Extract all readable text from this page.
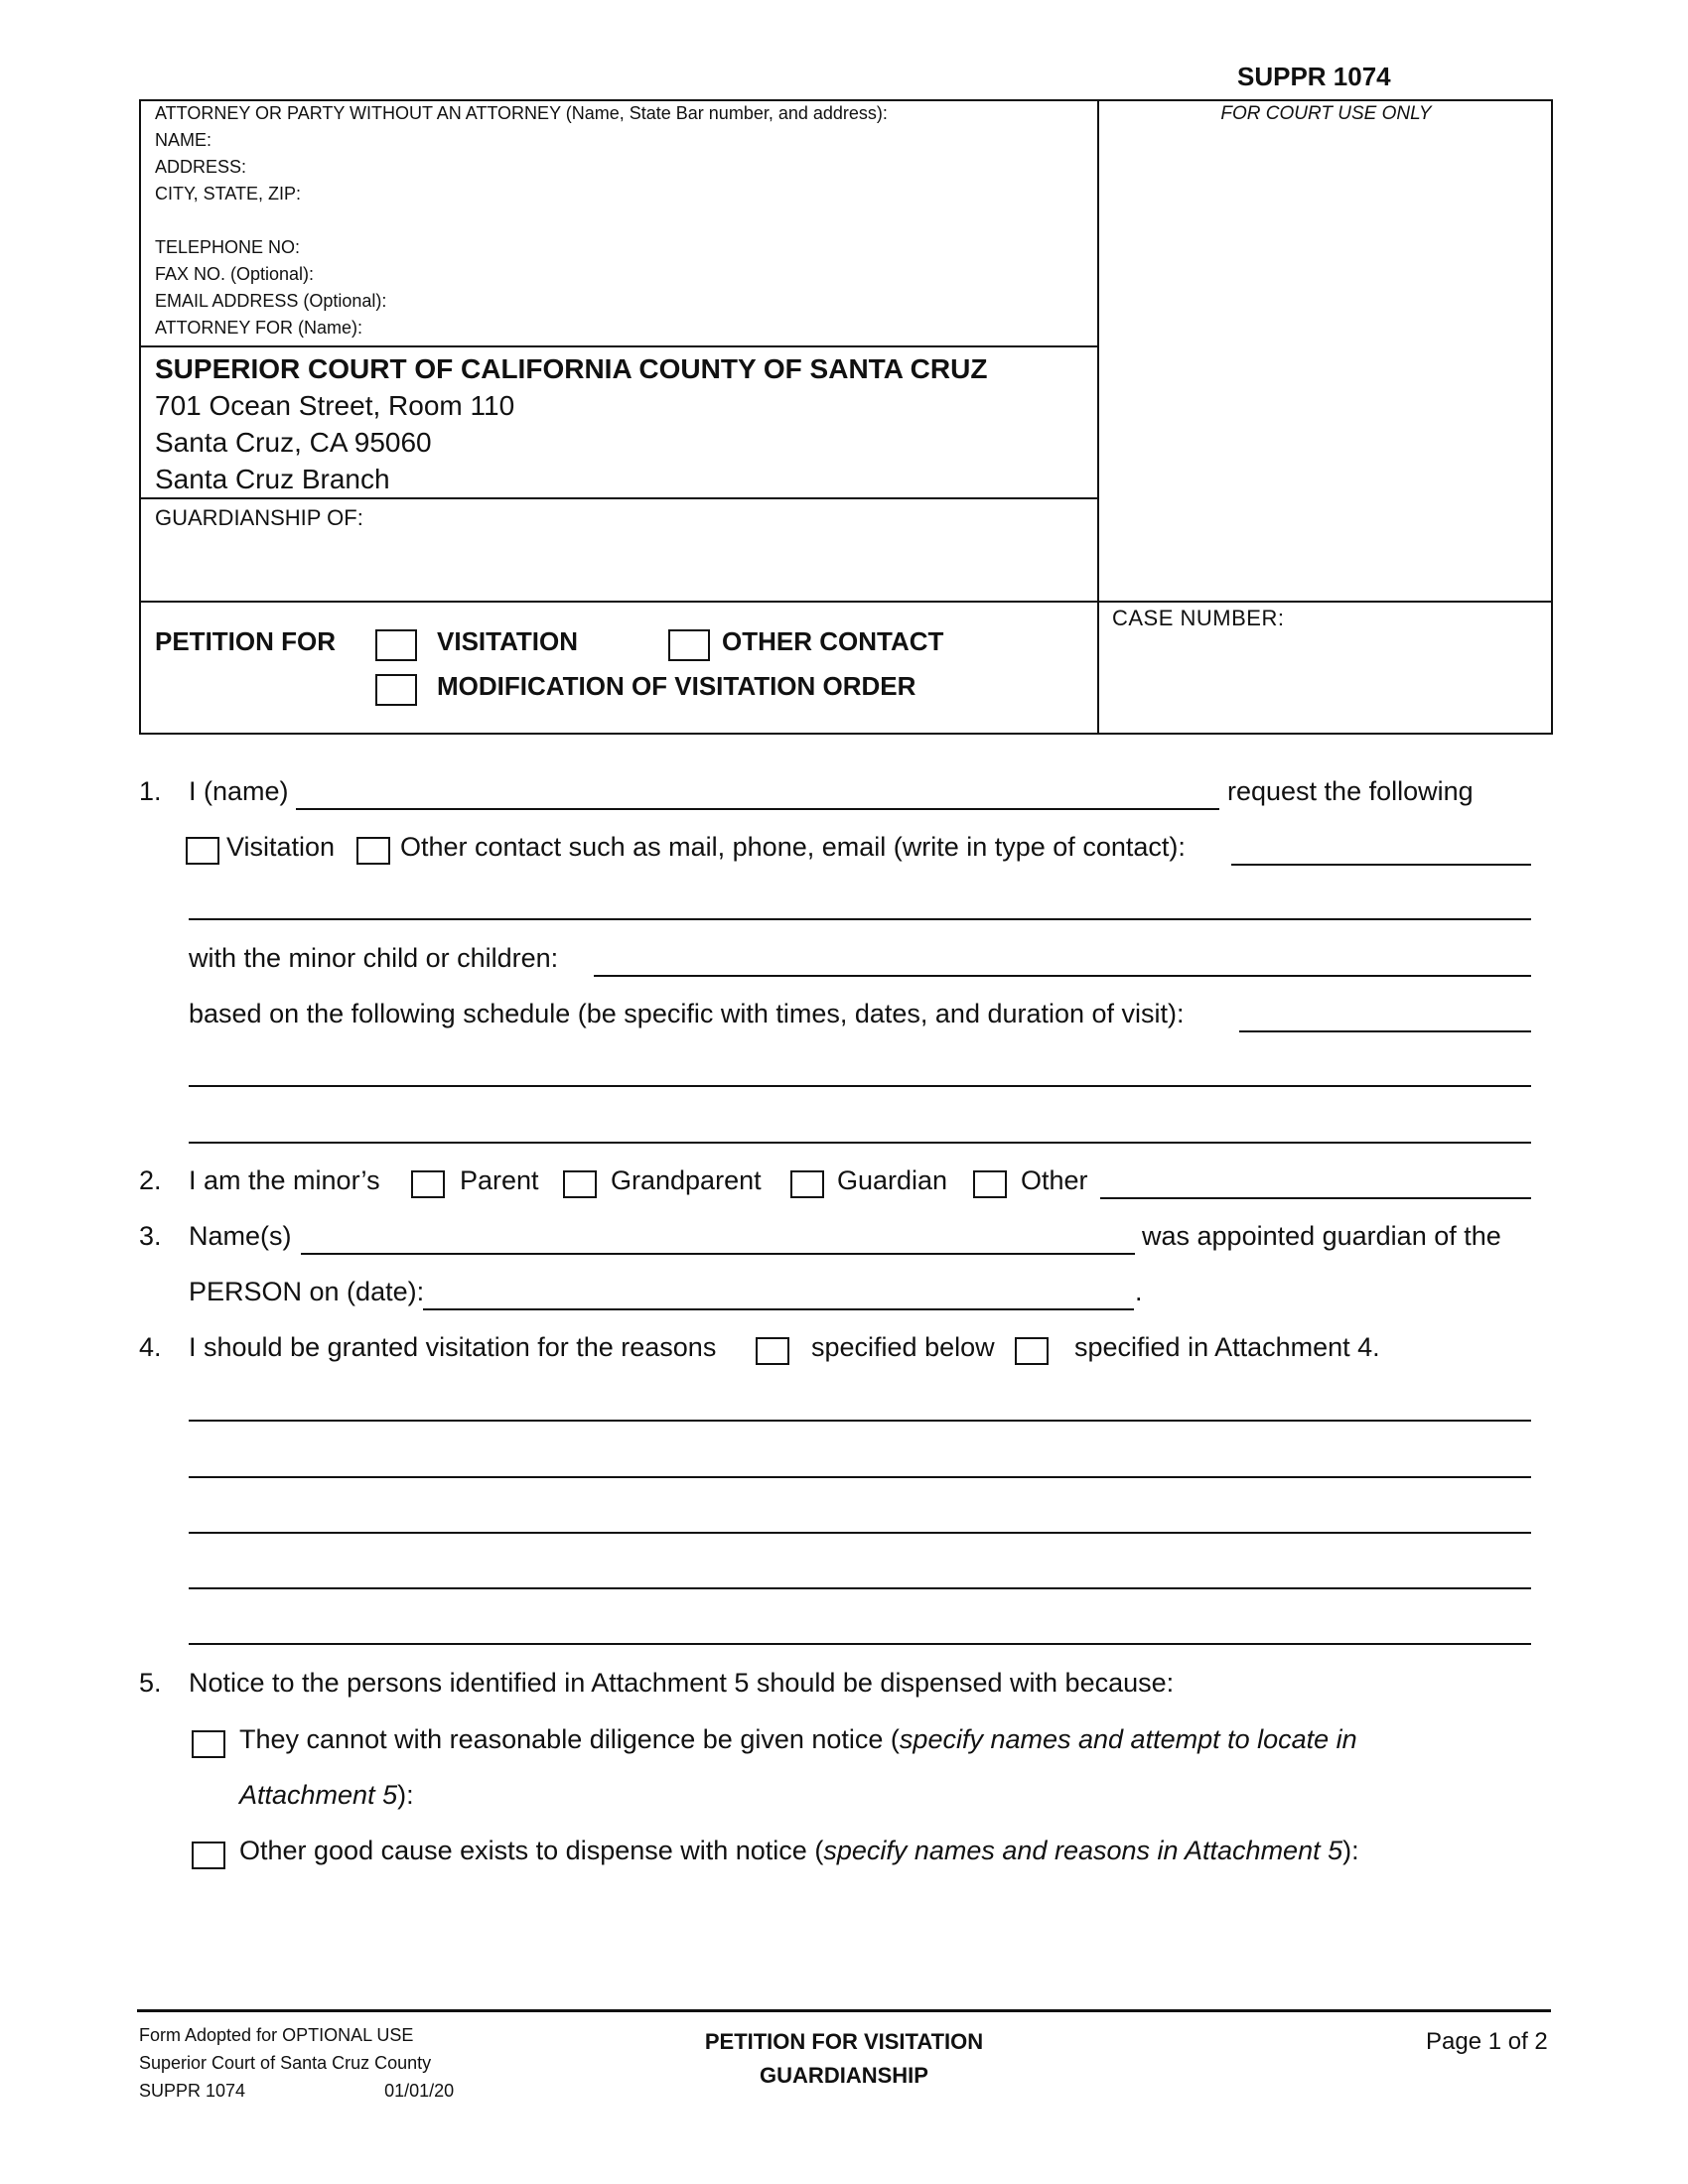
SUPPR 1074
ATTORNEY OR PARTY WITHOUT AN ATTORNEY (Name, State Bar number, and address):
NAME:
ADDRESS:
CITY, STATE, ZIP:
TELEPHONE NO:
FAX NO. (Optional):
EMAIL ADDRESS (Optional):
ATTORNEY FOR (Name):
FOR COURT USE ONLY
SUPERIOR COURT OF CALIFORNIA COUNTY OF SANTA CRUZ
701 Ocean Street, Room 110
Santa Cruz, CA 95060
Santa Cruz Branch
GUARDIANSHIP OF:
CASE NUMBER:
PETITION FOR	VISITATION	OTHER CONTACT
MODIFICATION OF VISITATION ORDER
1. I (name)	request the following
Visitation Other contact such as mail, phone, email (write in type of contact):
with the minor child or children:
based on the following schedule (be specific with times, dates, and duration of visit):
2. I am the minor’s	Parent	Grandparent	Guardian	Other
3. Name(s)	was appointed guardian of the
PERSON on (date):	.
4. I should be granted visitation for the reasons	specified below	specified in Attachment 4.
5. Notice to the persons identified in Attachment 5 should be dispensed with because:
They cannot with reasonable diligence be given notice (specify names and attempt to locate in
Attachment 5):
Other good cause exists to dispense with notice (specify names and reasons in Attachment 5):
Form Adopted for OPTIONAL USE
Superior Court of Santa Cruz County
SUPPR 1074	01/01/20
PETITION FOR VISITATION
GUARDIANSHIP
Page 1 of 2
